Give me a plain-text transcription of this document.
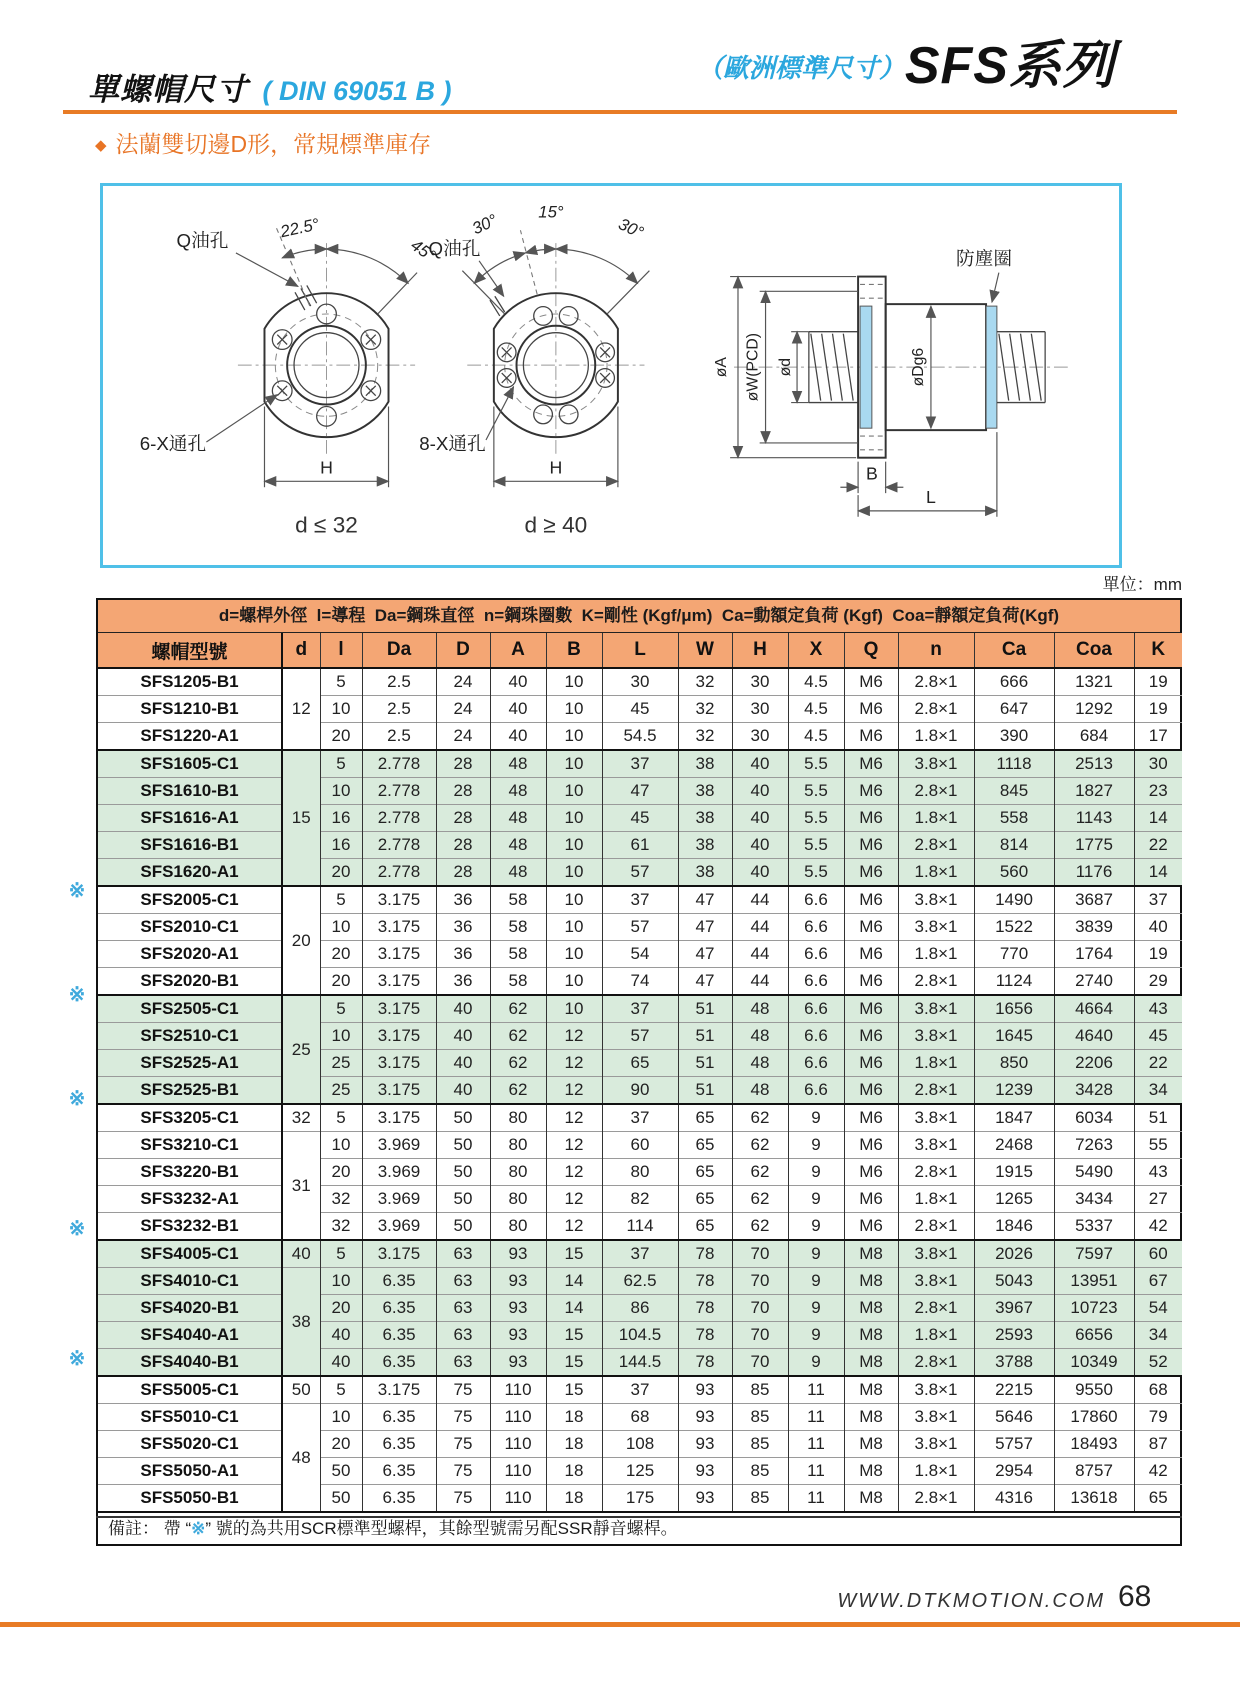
單螺帽尺寸 ( DIN 69051 B )
（歐洲標準尺寸） SFS系列
◆ 法蘭雙切邊D形，常規標準庫存
Q油孔	22.5°
45°
6-X通孔
H
d ≤ 32
30° 15°
30°
Q油孔
8-X通孔
H
d ≥ 40
防塵圈
øA øW(PCD) ød	øDg6
B
L
單位：mm
d=螺桿外徑  l=導程  Da=鋼珠直徑  n=鋼珠圈數  K=剛性 (Kgf/μm)  Ca=動額定負荷 (Kgf)  Coa=靜額定負荷(Kgf)
螺帽型號	d	l	Da	D	A	B	L	W	H	X	Q	n	Ca	Coa	K
SFS1205-B1	12	5	2.5	24	40	10	30	32	30	4.5	M6	2.8×1	666	1321	19
SFS1210-B1		10	2.5	24	40	10	45	32	30	4.5	M6	2.8×1	647	1292	19
SFS1220-A1		20	2.5	24	40	10	54.5	32	30	4.5	M6	1.8×1	390	684	17
SFS1605-C1	15	5	2.778	28	48	10	37	38	40	5.5	M6	3.8×1	1118	2513	30
SFS1610-B1		10	2.778	28	48	10	47	38	40	5.5	M6	2.8×1	845	1827	23
SFS1616-A1		16	2.778	28	48	10	45	38	40	5.5	M6	1.8×1	558	1143	14
SFS1616-B1		16	2.778	28	48	10	61	38	40	5.5	M6	2.8×1	814	1775	22
SFS1620-A1		20	2.778	28	48	10	57	38	40	5.5	M6	1.8×1	560	1176	14
SFS2005-C1	20	5	3.175	36	58	10	37	47	44	6.6	M6	3.8×1	1490	3687	37
SFS2010-C1		10	3.175	36	58	10	57	47	44	6.6	M6	3.8×1	1522	3839	40
SFS2020-A1		20	3.175	36	58	10	54	47	44	6.6	M6	1.8×1	770	1764	19
SFS2020-B1		20	3.175	36	58	10	74	47	44	6.6	M6	2.8×1	1124	2740	29
SFS2505-C1	25	5	3.175	40	62	10	37	51	48	6.6	M6	3.8×1	1656	4664	43
SFS2510-C1		10	3.175	40	62	12	57	51	48	6.6	M6	3.8×1	1645	4640	45
SFS2525-A1		25	3.175	40	62	12	65	51	48	6.6	M6	1.8×1	850	2206	22
SFS2525-B1		25	3.175	40	62	12	90	51	48	6.6	M6	2.8×1	1239	3428	34
SFS3205-C1	32	5	3.175	50	80	12	37	65	62	9	M6	3.8×1	1847	6034	51
SFS3210-C1	31	10	3.969	50	80	12	60	65	62	9	M6	3.8×1	2468	7263	55
SFS3220-B1		20	3.969	50	80	12	80	65	62	9	M6	2.8×1	1915	5490	43
SFS3232-A1		32	3.969	50	80	12	82	65	62	9	M6	1.8×1	1265	3434	27
SFS3232-B1		32	3.969	50	80	12	114	65	62	9	M6	2.8×1	1846	5337	42
SFS4005-C1	40	5	3.175	63	93	15	37	78	70	9	M8	3.8×1	2026	7597	60
SFS4010-C1	38	10	6.35	63	93	14	62.5	78	70	9	M8	3.8×1	5043	13951	67
SFS4020-B1		20	6.35	63	93	14	86	78	70	9	M8	2.8×1	3967	10723	54
SFS4040-A1		40	6.35	63	93	15	104.5	78	70	9	M8	1.8×1	2593	6656	34
SFS4040-B1		40	6.35	63	93	15	144.5	78	70	9	M8	2.8×1	3788	10349	52
SFS5005-C1	50	5	3.175	75	110	15	37	93	85	11	M8	3.8×1	2215	9550	68
SFS5010-C1	48	10	6.35	75	110	18	68	93	85	11	M8	3.8×1	5646	17860	79
SFS5020-C1		20	6.35	75	110	18	108	93	85	11	M8	3.8×1	5757	18493	87
SFS5050-A1		50	6.35	75	110	18	125	93	85	11	M8	1.8×1	2954	8757	42
SFS5050-B1		50	6.35	75	110	18	175	93	85	11	M8	2.8×1	4316	13618	65
備註： 帶 “※” 號的為共用SCR標準型螺桿，其餘型號需另配SSR靜音螺桿。
※
※
※
※
※
WWW.DTKMOTION.COM 68
